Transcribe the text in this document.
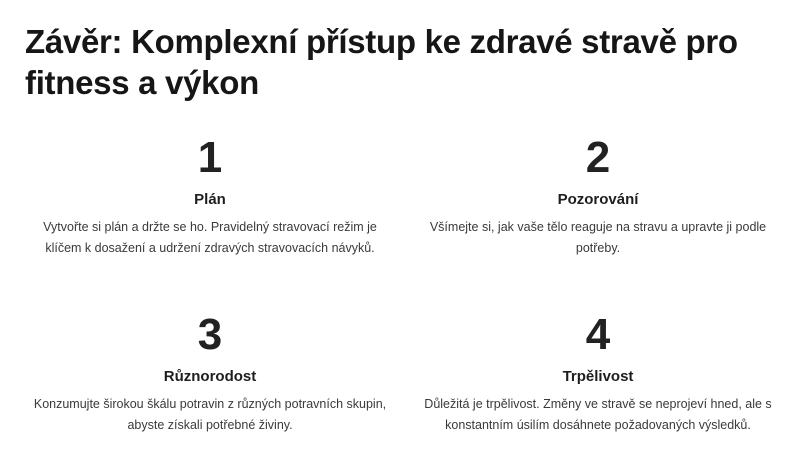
Závěr: Komplexní přístup ke zdravé stravě pro fitness a výkon

1

Plán

Vytvořte si plán a držte se ho. Pravidelný stravovací režim je klíčem k dosažení a udržení zdravých stravovacích návyků.

2

Pozorování

Všímejte si, jak vaše tělo reaguje na stravu a upravte ji podle potřeby.

3

Různorodost

Konzumujte širokou škálu potravin z různých potravních skupin, abyste získali potřebné živiny.

4

Trpělivost

Důležitá je trpělivost. Změny ve stravě se neprojeví hned, ale s konstantním úsilím dosáhnete požadovaných výsledků.
